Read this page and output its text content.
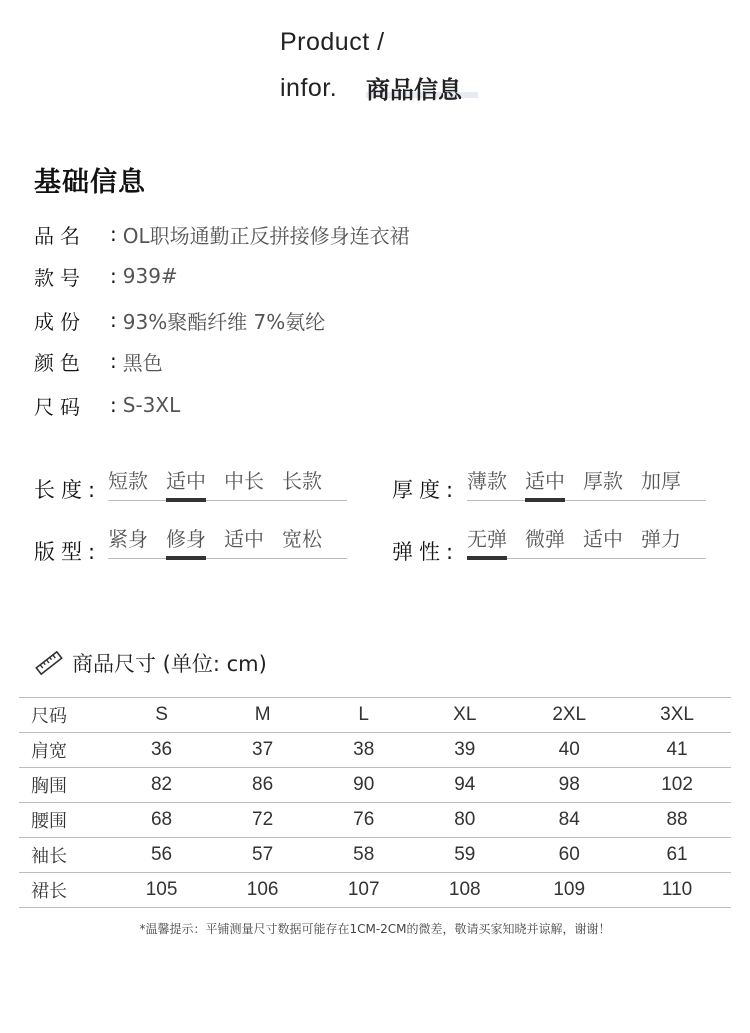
Product /
infor. 商品信息
基础信息
品名	: OL职场通勤正反拼接修身连衣裙
款号	: 939#
成份	: 93%聚酯纤维 7%氨纶
颜色	: 黑色
尺码	: S-3XL
长度: 短款 适中 中长 长款	厚度: 薄款 适中 厚款 加厚
版型:
紧身 修身 适中 宽松
弹性:
无弹 微弹 适中 弹力
商品尺寸 (单位: cm)
尺码	S	M	L	XL	2XL	3XL
肩宽	36	37	38	39	40	41
胸围	82	86	90	94	98	102
腰围	68	72	76	80	84	88
袖长	56	57	58	59	60	61
裙长	105	106	107	108	109	110
*温馨提示：平铺测量尺寸数据可能存在1CM-2CM的微差，敬请买家知晓并谅解，谢谢！
